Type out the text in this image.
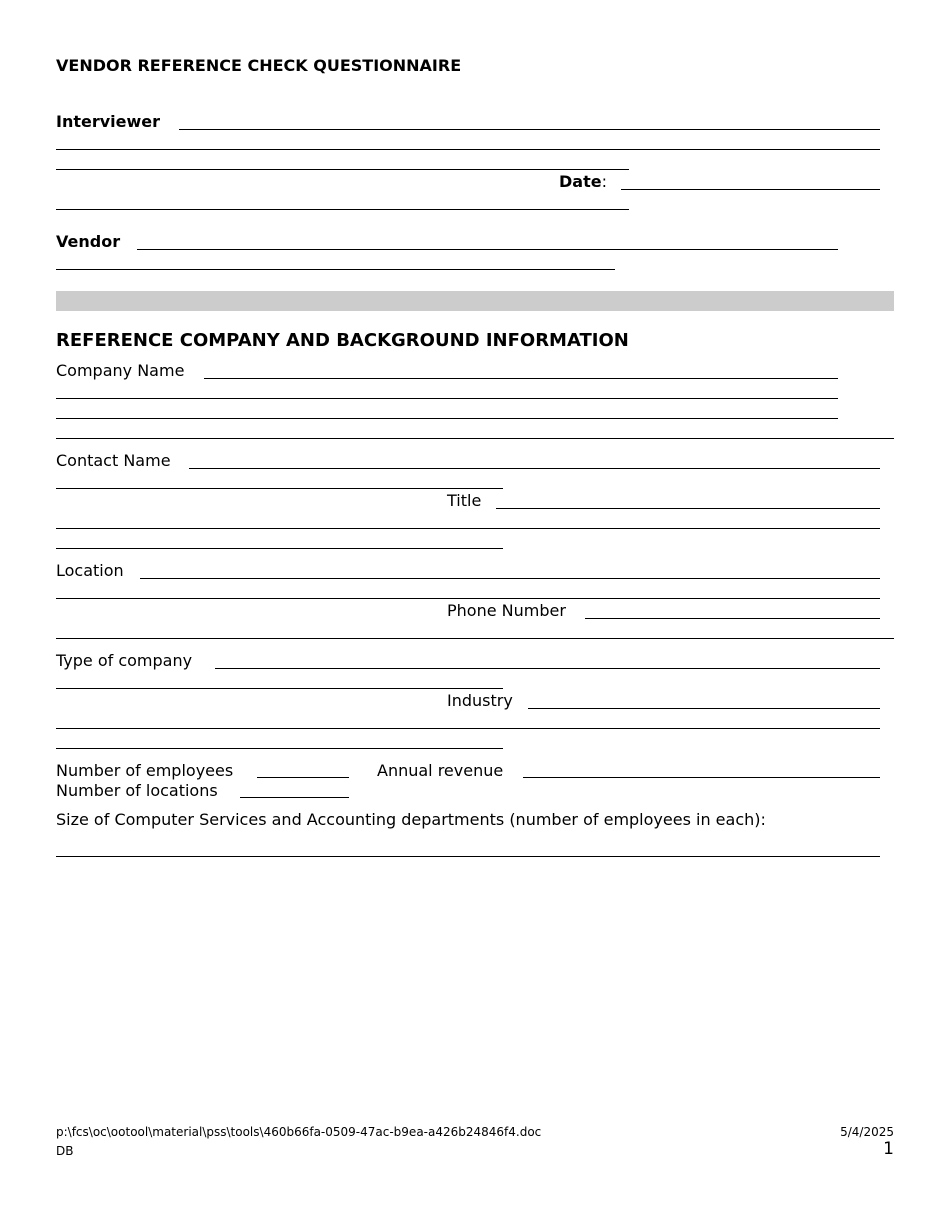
VENDOR REFERENCE CHECK QUESTIONNAIRE
Interviewer
Date:
Vendor
REFERENCE COMPANY AND BACKGROUND INFORMATION
Company Name
Contact Name
Title
Location
Phone Number
Type of company
Industry
Number of employees	Annual revenue
Number of locations
Size of Computer Services and Accounting departments (number of employees in each):
p:\fcs\oc\ootool\material\pss\tools\460b66fa-0509-47ac-b9ea-a426b24846f4.doc
DB
5/4/2025
1
